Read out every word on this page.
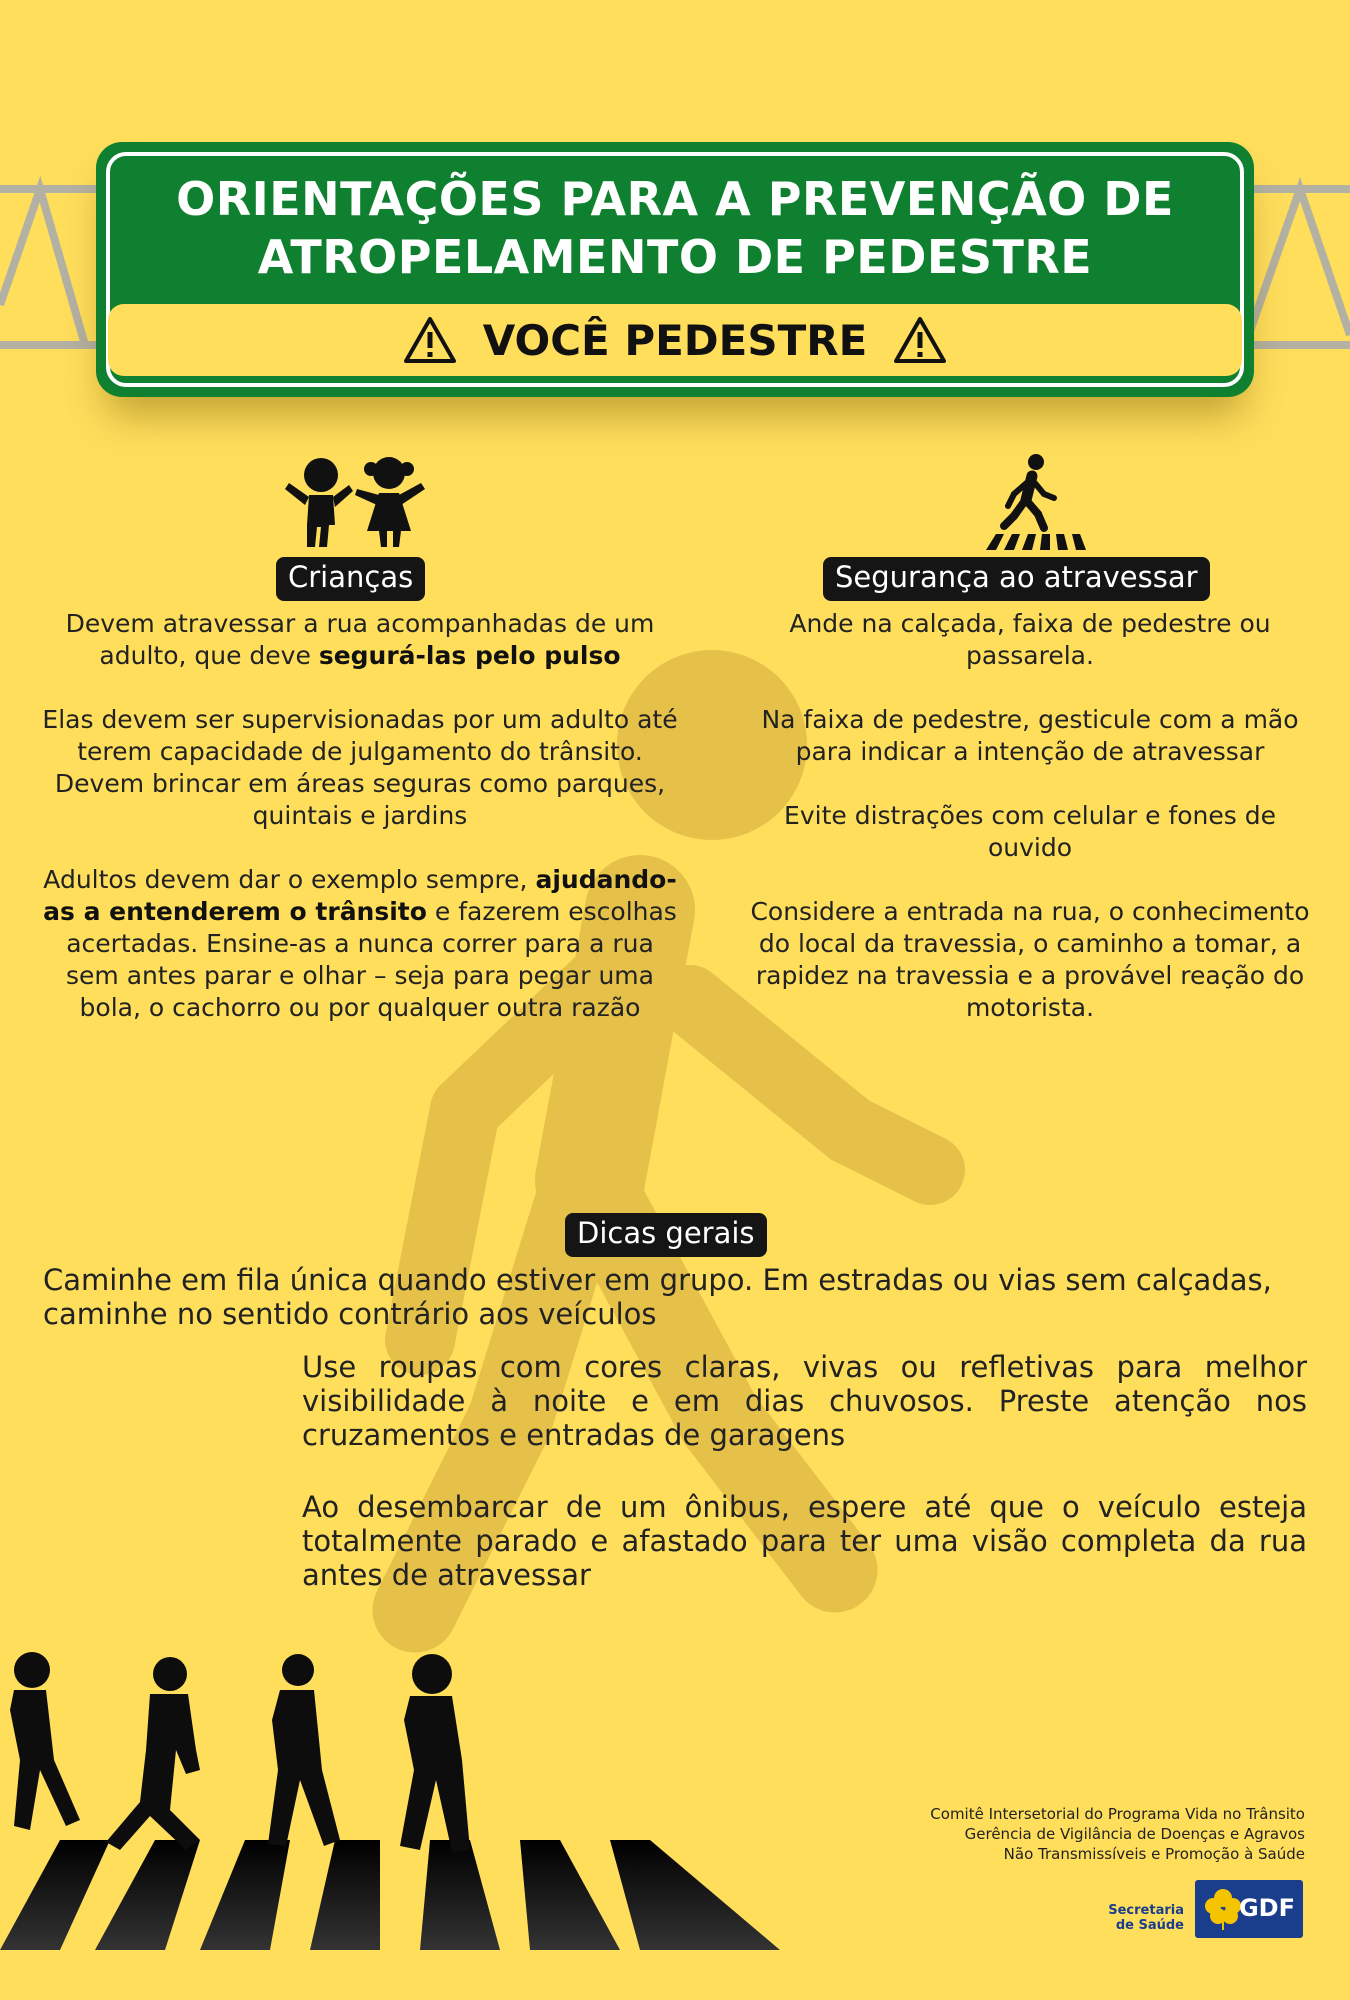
ORIENTAÇÕES PARA A PREVENÇÃO DE
ATROPELAMENTO DE PEDESTRE
VOCÊ PEDESTRE
Crianças	Segurança ao atravessar
Dicas gerais

Devem atravessar a rua acompanhadas de um adulto, que deve segurá-las pelo pulso

Elas devem ser supervisionadas por um adulto até terem capacidade de julgamento do trânsito. Devem brincar em áreas seguras como parques, quintais e jardins

Adultos devem dar o exemplo sempre, ajudando-as a entenderem o trânsito e fazerem escolhas acertadas. Ensine-as a nunca correr para a rua sem antes parar e olhar – seja para pegar uma bola, o cachorro ou por qualquer outra razão

Ande na calçada, faixa de pedestre ou passarela.

Na faixa de pedestre, gesticule com a mão para indicar a intenção de atravessar

Evite distrações com celular e fones de ouvido

Considere a entrada na rua, o conhecimento do local da travessia, o caminho a tomar, a rapidez na travessia e a provável reação do motorista.

Caminhe em fila única quando estiver em grupo. Em estradas ou vias sem calçadas, caminhe no sentido contrário aos veículos
Use roupas com cores claras, vivas ou refletivas para melhor visibilidade à noite e em dias chuvosos. Preste atenção nos cruzamentos e entradas de garagens
Ao desembarcar de um ônibus, espere até que o veículo esteja totalmente parado e afastado para ter uma visão completa da rua antes de atravessar
Comitê Intersetorial do Programa Vida no Trânsito
Gerência de Vigilância de Doenças e Agravos
Não Transmissíveis e Promoção à Saúde
Secretaria
de Saúde
GDF
